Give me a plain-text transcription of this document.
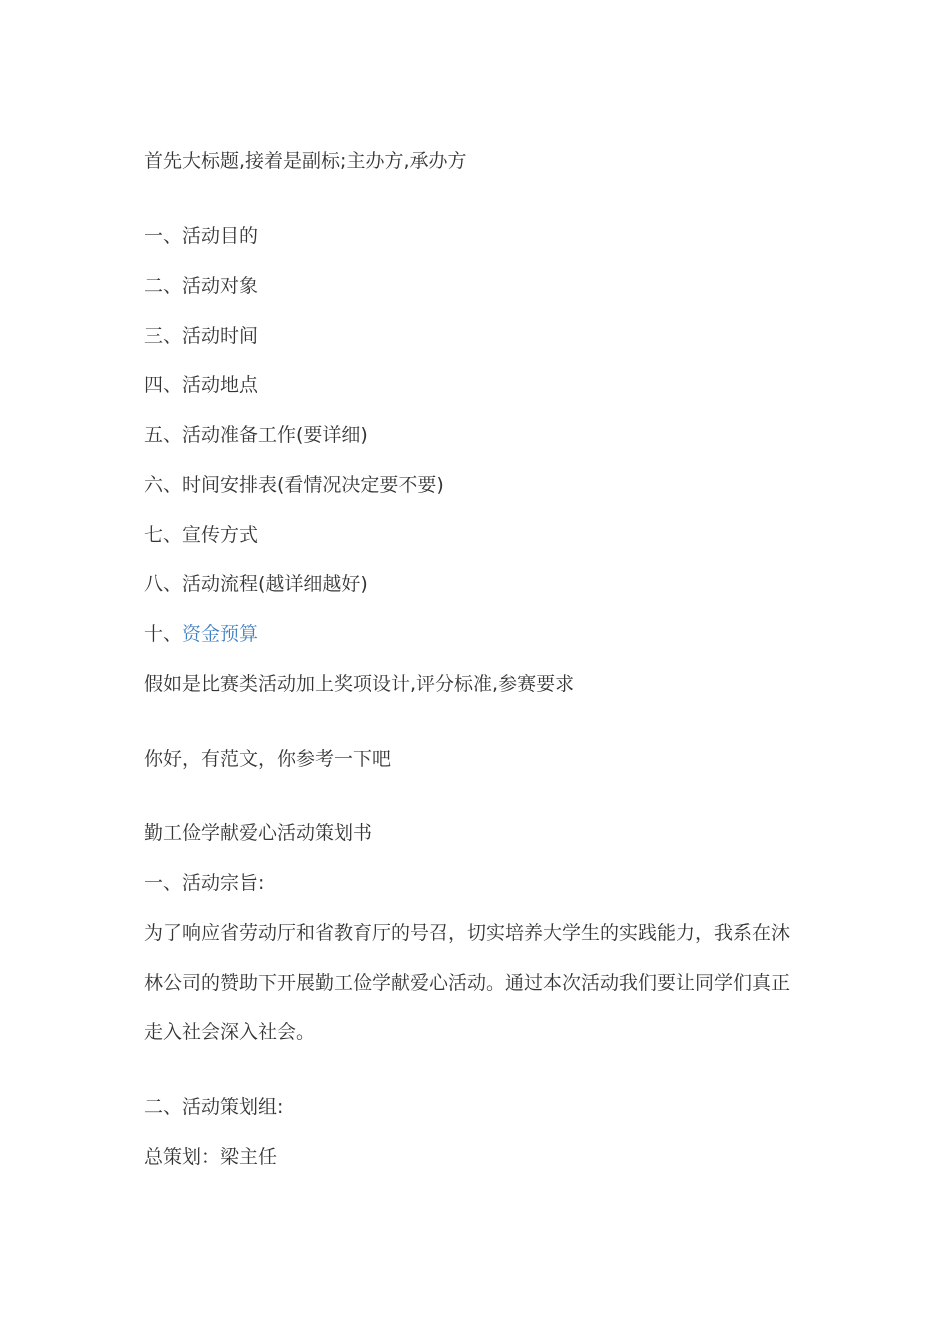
首先大标题,接着是副标;主办方,承办方
一、活动目的
二、活动对象
三、活动时间
四、活动地点
五、活动准备工作(要详细)
六、时间安排表(看情况决定要不要)
七、宣传方式
八、活动流程(越详细越好)
十、资金预算
假如是比赛类活动加上奖项设计,评分标准,参赛要求
你好，有范文，你参考一下吧
勤工俭学献爱心活动策划书
一、活动宗旨:
为了响应省劳动厅和省教育厅的号召，切实培养大学生的实践能力，我系在沐
林公司的赞助下开展勤工俭学献爱心活动。通过本次活动我们要让同学们真正
走入社会深入社会。
二、活动策划组:
总策划：梁主任
